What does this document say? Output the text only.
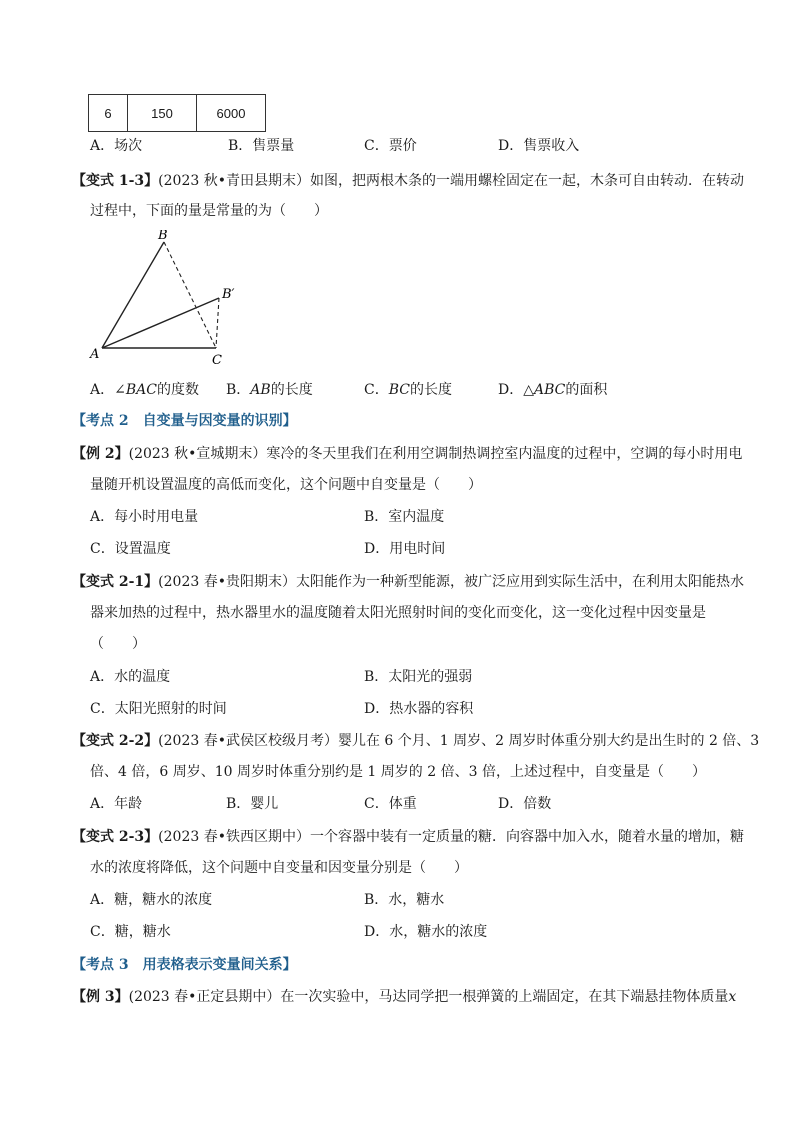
6	150	6000
A．场次	B．售票量	C．票价	D．售票收入
【变式 1-3】(2023 秋•青田县期末）如图，把两根木条的一端用螺栓固定在一起，木条可自由转动．在转动
过程中，下面的量是常量的为（　　）
A
B
B′
C
A．∠BAC的度数 B．AB的长度	C．BC的长度	D．△ABC的面积
【考点 2　自变量与因变量的识别】
【例 2】(2023 秋•宣城期末）寒冷的冬天里我们在利用空调制热调控室内温度的过程中，空调的每小时用电
量随开机设置温度的高低而变化，这个问题中自变量是（　　）
A．每小时用电量	B．室内温度
C．设置温度	D．用电时间
【变式 2-1】(2023 春•贵阳期末）太阳能作为一种新型能源，被广泛应用到实际生活中，在利用太阳能热水
器来加热的过程中，热水器里水的温度随着太阳光照射时间的变化而变化，这一变化过程中因变量是
（　　）
A．水的温度	B．太阳光的强弱
C．太阳光照射的时间	D．热水器的容积
【变式 2-2】(2023 春•武侯区校级月考）婴儿在 6 个月、1 周岁、2 周岁时体重分别大约是出生时的 2 倍、3
倍、4 倍，6 周岁、10 周岁时体重分别约是 1 周岁的 2 倍、3 倍，上述过程中，自变量是（　　）
A．年龄	B．婴儿	C．体重	D．倍数
【变式 2-3】(2023 春•铁西区期中）一个容器中装有一定质量的糖．向容器中加入水，随着水量的增加，糖
水的浓度将降低，这个问题中自变量和因变量分别是（　　）
A．糖，糖水的浓度	B．水，糖水
C．糖，糖水	D．水，糖水的浓度
【考点 3　用表格表示变量间关系】
【例 3】(2023 春•正定县期中）在一次实验中，马达同学把一根弹簧的上端固定，在其下端悬挂物体质量x
